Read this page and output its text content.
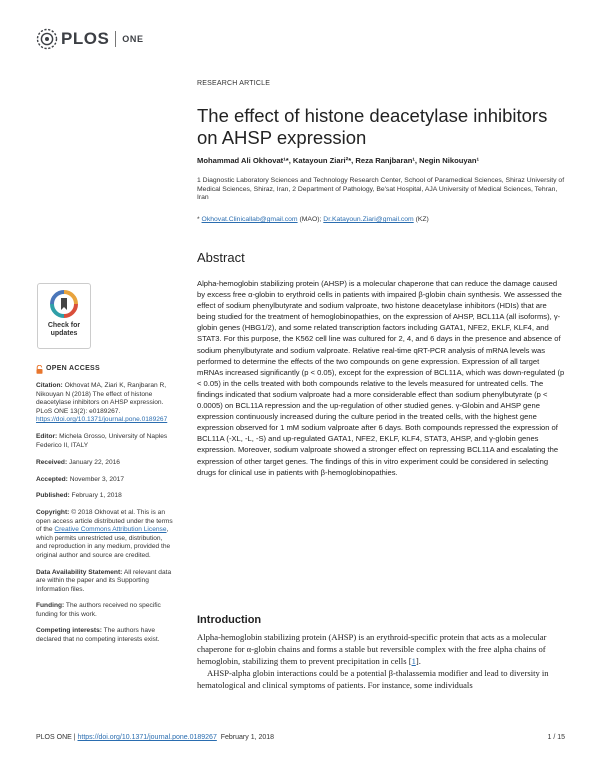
PLOS ONE
Check for updates
OPEN ACCESS
Citation: Okhovat MA, Ziari K, Ranjbaran R, Nikouyan N (2018) The effect of histone deacetylase inhibitors on AHSP expression. PLoS ONE 13(2): e0189267. https://doi.org/10.1371/journal.pone.0189267
Editor: Michela Grosso, University of Naples Federico II, ITALY
Received: January 22, 2016
Accepted: November 3, 2017
Published: February 1, 2018
Copyright: © 2018 Okhovat et al. This is an open access article distributed under the terms of the Creative Commons Attribution License, which permits unrestricted use, distribution, and reproduction in any medium, provided the original author and source are credited.
Data Availability Statement: All relevant data are within the paper and its Supporting Information files.
Funding: The authors received no specific funding for this work.
Competing interests: The authors have declared that no competing interests exist.
RESEARCH ARTICLE
The effect of histone deacetylase inhibitors on AHSP expression
Mohammad Ali Okhovat¹*, Katayoun Ziari²*, Reza Ranjbaran¹, Negin Nikouyan¹
1 Diagnostic Laboratory Sciences and Technology Research Center, School of Paramedical Sciences, Shiraz University of Medical Sciences, Shiraz, Iran, 2 Department of Pathology, Be'sat Hospital, AJA University of Medical Sciences, Tehran, Iran
* Okhovat.Clinicallab@gmail.com (MAO); Dr.Katayoun.Ziari@gmail.com (KZ)
Abstract
Alpha-hemoglobin stabilizing protein (AHSP) is a molecular chaperone that can reduce the damage caused by excess free α-globin to erythroid cells in patients with impaired β-globin chain synthesis. We assessed the effect of sodium phenylbutyrate and sodium valproate, two histone deacetylase inhibitors (HDIs) that are being studied for the treatment of hemoglobinopathies, on the expression of AHSP, BCL11A (all isoforms), γ-globin genes (HBG1/2), and some related transcription factors including GATA1, NFE2, EKLF, KLF4, and STAT3. For this purpose, the K562 cell line was cultured for 2, 4, and 6 days in the presence and absence of sodium phenylbutyrate and sodium valproate. Relative real-time qRT-PCR analysis of mRNA levels was performed to determine the effects of the two compounds on gene expression. Expression of all target mRNAs increased significantly (p < 0.05), except for the expression of BCL11A, which was down-regulated (p < 0.05) in the cells treated with both compounds relative to the levels measured for untreated cells. The findings indicated that sodium valproate had a more considerable effect than sodium phenylbutyrate (p < 0.0005) on BCL11A repression and the up-regulation of other studied genes. γ-Globin and AHSP gene expression continuously increased during the culture period in the treated cells, with the highest gene expression observed for 1 mM sodium valproate after 6 days. Both compounds repressed the expression of BCL11A (-XL, -L, -S) and up-regulated GATA1, NFE2, EKLF, KLF4, STAT3, AHSP, and γ-globin genes expression. Moreover, sodium valproate showed a stronger effect on repressing BCL11A and escalating the expression of other target genes. The findings of this in vitro experiment could be considered in selecting drugs for clinical use in patients with β-hemoglobinopathies.
Introduction

Alpha-hemoglobin stabilizing protein (AHSP) is an erythroid-specific protein that acts as a molecular chaperone for α-globin chains and forms a stable but reversible complex with the free alpha chains of hemoglobin, stabilizing them to prevent precipitation in cells [1].

AHSP-alpha globin interactions could be a potential β-thalassemia modifier and lead to diversity in hematological and clinical symptoms of patients. For instance, some individuals

PLOS ONE | https://doi.org/10.1371/journal.pone.0189267  February 1, 2018	1 / 15
